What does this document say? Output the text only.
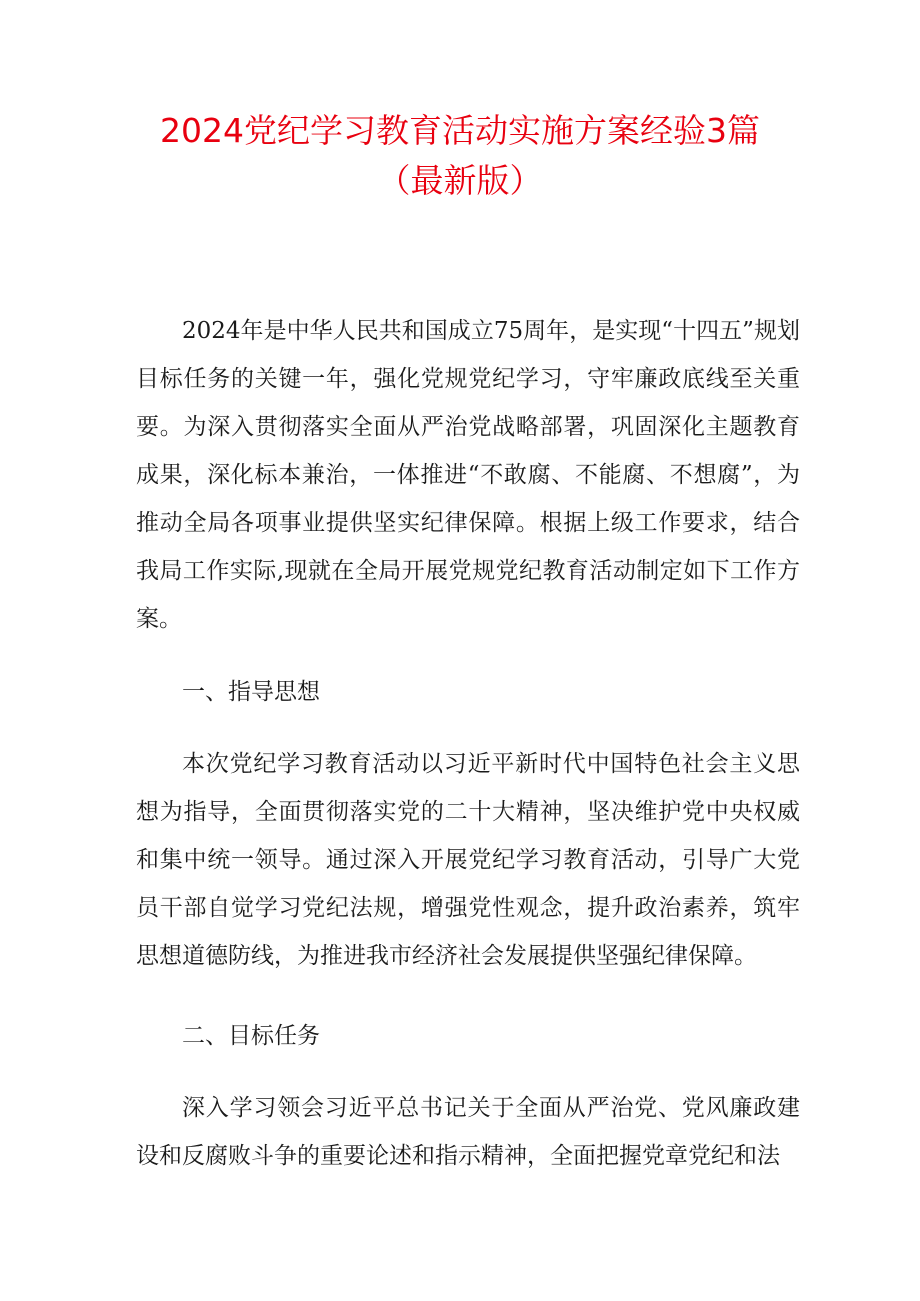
2024党纪学习教育活动实施方案经验3篇
（最新版）

2024年是中华人民共和国成立75周年，是实现“十四五”规划目标任务的关键一年，强化党规党纪学习，守牢廉政底线至关重要。为深入贯彻落实全面从严治党战略部署，巩固深化主题教育成果，深化标本兼治，一体推进“不敢腐、不能腐、不想腐”，为推动全局各项事业提供坚实纪律保障。根据上级工作要求，结合我局工作实际,现就在全局开展党规党纪教育活动制定如下工作方案。

一、指导思想

本次党纪学习教育活动以习近平新时代中国特色社会主义思想为指导，全面贯彻落实党的二十大精神，坚决维护党中央权威和集中统一领导。通过深入开展党纪学习教育活动，引导广大党员干部自觉学习党纪法规，增强党性观念，提升政治素养，筑牢思想道德防线，为推进我市经济社会发展提供坚强纪律保障。

二、目标任务

深入学习领会习近平总书记关于全面从严治党、党风廉政建设和反腐败斗争的重要论述和指示精神，全面把握党章党纪和法
